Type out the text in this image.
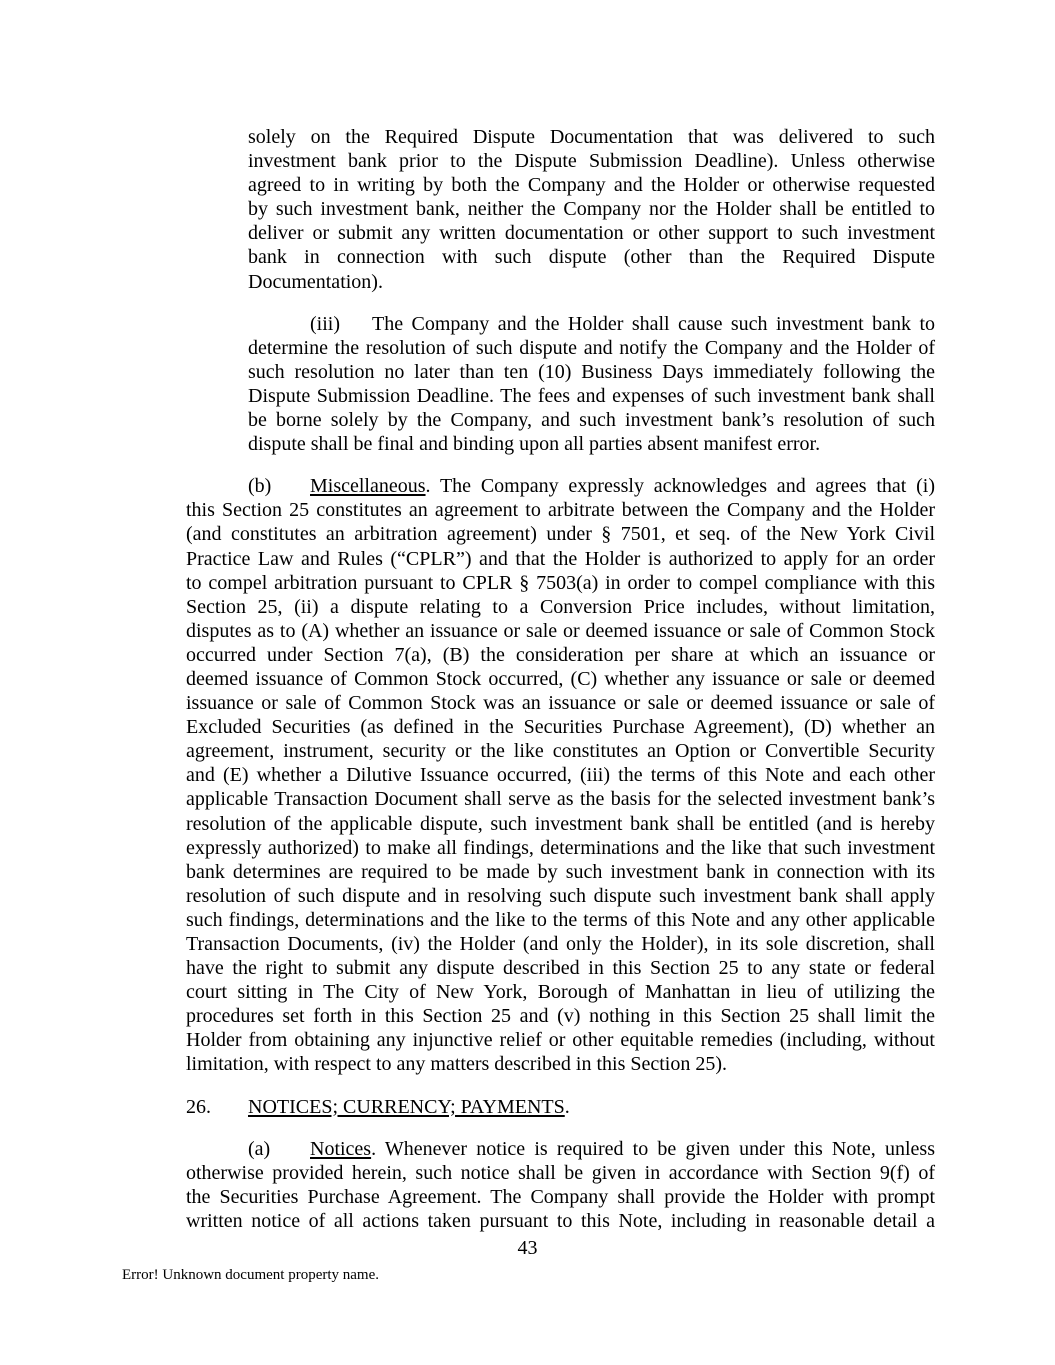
solely on the Required Dispute Documentation that was delivered to such
investment bank prior to the Dispute Submission Deadline). Unless otherwise
agreed to in writing by both the Company and the Holder or otherwise requested
by such investment bank, neither the Company nor the Holder shall be entitled to
deliver or submit any written documentation or other support to such investment
bank in connection with such dispute (other than the Required Dispute
Documentation).
(iii) The Company and the Holder shall cause such investment bank to
determine the resolution of such dispute and notify the Company and the Holder of
such resolution no later than ten (10) Business Days immediately following the
Dispute Submission Deadline. The fees and expenses of such investment bank shall
be borne solely by the Company, and such investment bank’s resolution of such
dispute shall be final and binding upon all parties absent manifest error.
(b) Miscellaneous. The Company expressly acknowledges and agrees that (i)
this Section 25 constitutes an agreement to arbitrate between the Company and the Holder
(and constitutes an arbitration agreement) under § 7501, et seq. of the New York Civil
Practice Law and Rules (“CPLR”) and that the Holder is authorized to apply for an order
to compel arbitration pursuant to CPLR § 7503(a) in order to compel compliance with this
Section 25, (ii) a dispute relating to a Conversion Price includes, without limitation,
disputes as to (A) whether an issuance or sale or deemed issuance or sale of Common Stock
occurred under Section 7(a), (B) the consideration per share at which an issuance or
deemed issuance of Common Stock occurred, (C) whether any issuance or sale or deemed
issuance or sale of Common Stock was an issuance or sale or deemed issuance or sale of
Excluded Securities (as defined in the Securities Purchase Agreement), (D) whether an
agreement, instrument, security or the like constitutes an Option or Convertible Security
and (E) whether a Dilutive Issuance occurred, (iii) the terms of this Note and each other
applicable Transaction Document shall serve as the basis for the selected investment bank’s
resolution of the applicable dispute, such investment bank shall be entitled (and is hereby
expressly authorized) to make all findings, determinations and the like that such investment
bank determines are required to be made by such investment bank in connection with its
resolution of such dispute and in resolving such dispute such investment bank shall apply
such findings, determinations and the like to the terms of this Note and any other applicable
Transaction Documents, (iv) the Holder (and only the Holder), in its sole discretion, shall
have the right to submit any dispute described in this Section 25 to any state or federal
court sitting in The City of New York, Borough of Manhattan in lieu of utilizing the
procedures set forth in this Section 25 and (v) nothing in this Section 25 shall limit the
Holder from obtaining any injunctive relief or other equitable remedies (including, without
limitation, with respect to any matters described in this Section 25).
26. NOTICES; CURRENCY; PAYMENTS.
(a) Notices. Whenever notice is required to be given under this Note, unless
otherwise provided herein, such notice shall be given in accordance with Section 9(f) of
the Securities Purchase Agreement. The Company shall provide the Holder with prompt
written notice of all actions taken pursuant to this Note, including in reasonable detail a
43
Error! Unknown document property name.
